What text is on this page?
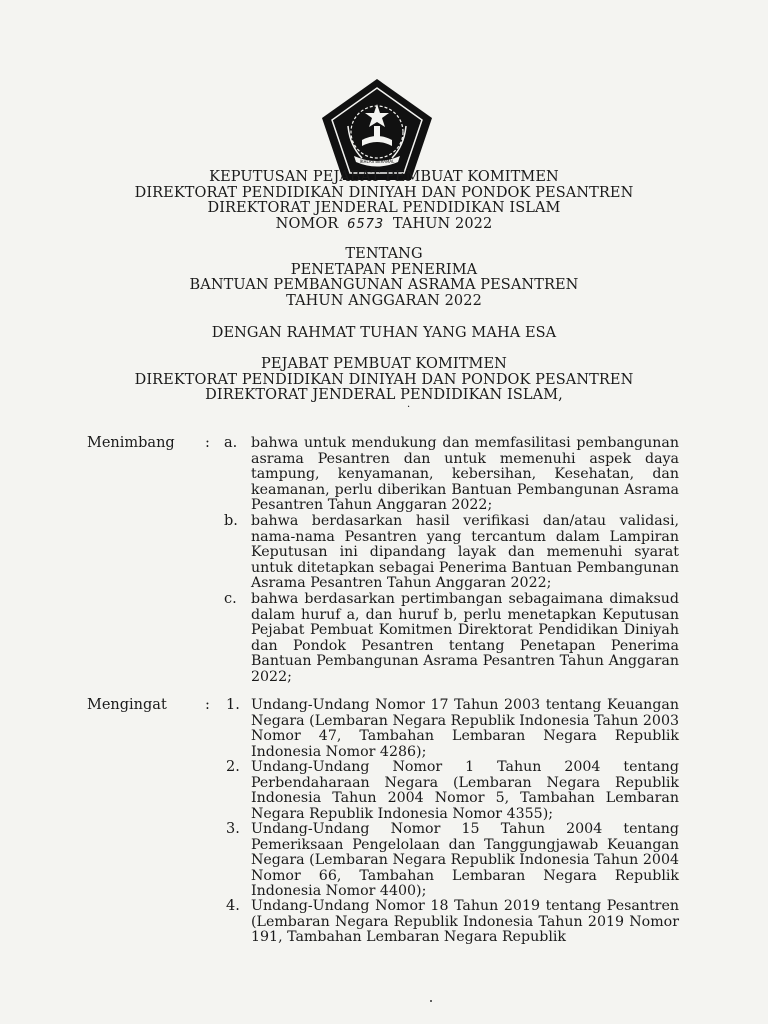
IKHLAS BERAMAL
KEPUTUSAN PEJABAT PEMBUAT KOMITMEN
DIREKTORAT PENDIDIKAN DINIYAH DAN PONDOK PESANTREN
DIREKTORAT JENDERAL PENDIDIKAN ISLAM
NOMOR 6573 TAHUN 2022
TENTANG
PENETAPAN PENERIMA
BANTUAN PEMBANGUNAN ASRAMA PESANTREN
TAHUN ANGGARAN 2022
DENGAN RAHMAT TUHAN YANG MAHA ESA
PEJABAT PEMBUAT KOMITMEN
DIREKTORAT PENDIDIKAN DINIYAH DAN PONDOK PESANTREN
DIREKTORAT JENDERAL PENDIDIKAN ISLAM,
·
Menimbang : a. bahwa untuk mendukung dan memfasilitasi pembangunan asrama Pesantren dan untuk memenuhi aspek daya tampung, kenyamanan, kebersihan, Kesehatan, dan keamanan, perlu diberikan Bantuan Pembangunan Asrama Pesantren Tahun Anggaran 2022;
b. bahwa berdasarkan hasil verifikasi dan/atau validasi, nama-nama Pesantren yang tercantum dalam Lampiran Keputusan ini dipandang layak dan memenuhi syarat untuk ditetapkan sebagai Penerima Bantuan Pembangunan Asrama Pesantren Tahun Anggaran 2022;
c. bahwa berdasarkan pertimbangan sebagaimana dimaksud dalam huruf a, dan huruf b, perlu menetapkan Keputusan Pejabat Pembuat Komitmen Direktorat Pendidikan Diniyah dan Pondok Pesantren tentang Penetapan Penerima Bantuan Pembangunan Asrama Pesantren Tahun Anggaran 2022;
Mengingat	: 1. Undang-Undang Nomor 17 Tahun 2003 tentang Keuangan Negara (Lembaran Negara Republik Indonesia Tahun 2003 Nomor 47, Tambahan Lembaran Negara Republik Indonesia Nomor 4286);
2. Undang-Undang Nomor 1 Tahun 2004 tentang Perbendaharaan Negara (Lembaran Negara Republik Indonesia Tahun 2004 Nomor 5, Tambahan Lembaran Negara Republik Indonesia Nomor 4355);
3. Undang-Undang Nomor 15 Tahun 2004 tentang Pemeriksaan Pengelolaan dan Tanggungjawab Keuangan Negara (Lembaran Negara Republik Indonesia Tahun 2004 Nomor 66, Tambahan Lembaran Negara Republik Indonesia Nomor 4400);
4. Undang-Undang Nomor 18 Tahun 2019 tentang Pesantren (Lembaran Negara Republik Indonesia Tahun 2019 Nomor 191, Tambahan Lembaran Negara Republik
